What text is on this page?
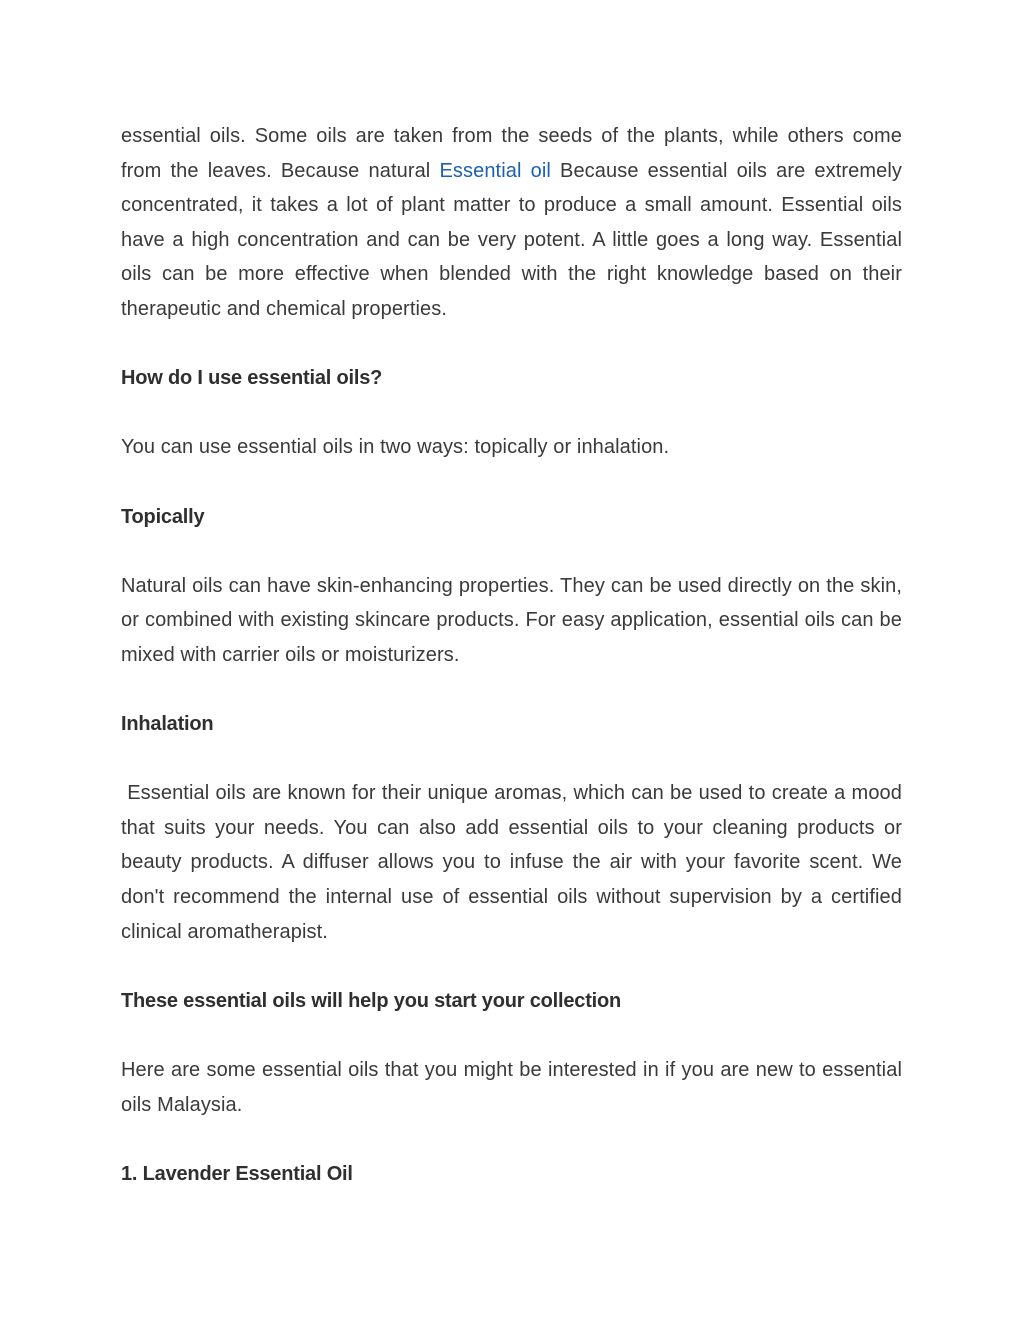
essential oils. Some oils are taken from the seeds of the plants, while others come from the leaves. Because natural Essential oil Because essential oils are extremely concentrated, it takes a lot of plant matter to produce a small amount. Essential oils have a high concentration and can be very potent. A little goes a long way. Essential oils can be more effective when blended with the right knowledge based on their therapeutic and chemical properties.

How do I use essential oils?

You can use essential oils in two ways: topically or inhalation.

Topically

Natural oils can have skin-enhancing properties. They can be used directly on the skin, or combined with existing skincare products. For easy application, essential oils can be mixed with carrier oils or moisturizers.

Inhalation

Essential oils are known for their unique aromas, which can be used to create a mood that suits your needs. You can also add essential oils to your cleaning products or beauty products. A diffuser allows you to infuse the air with your favorite scent. We don't recommend the internal use of essential oils without supervision by a certified clinical aromatherapist.

These essential oils will help you start your collection

Here are some essential oils that you might be interested in if you are new to essential oils Malaysia.

1. Lavender Essential Oil
